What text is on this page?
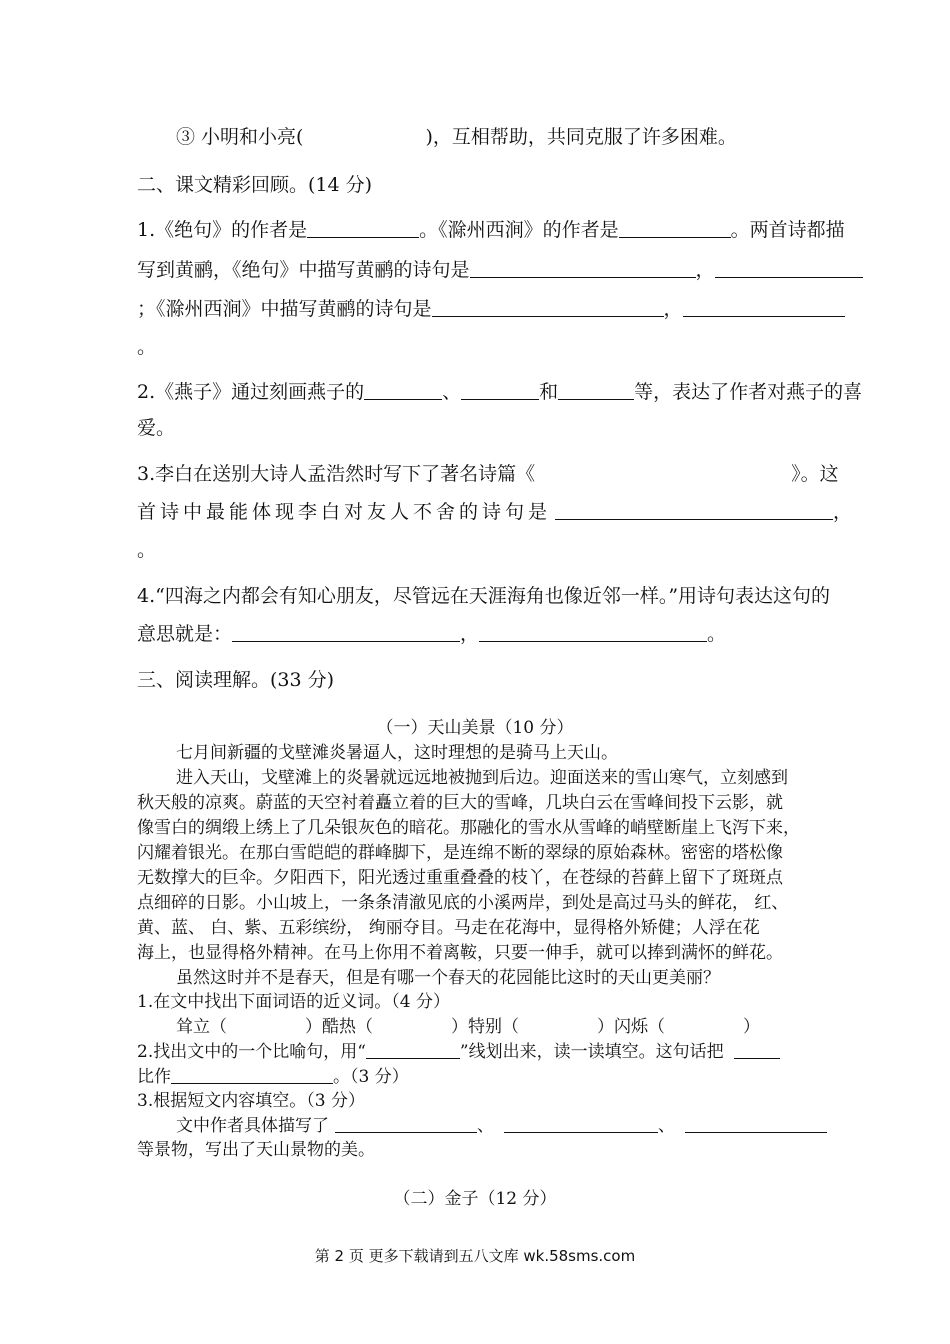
③ 小明和小亮(	)，互相帮助，共同克服了许多困难。
二、课文精彩回顾。(14 分)
1.《绝句》的作者是	。《滁州西涧》的作者是	。两首诗都描
写到黄鹂，《绝句》中描写黄鹂的诗句是	，
；《滁州西涧》中描写黄鹂的诗句是	，
。
2.《燕子》通过刻画燕子的	、	和	等，表达了作者对燕子的喜
爱。
3.李白在送别大诗人孟浩然时写下了著名诗篇《	》。这
首诗中最能体现李白对友人不舍的诗句是	，
。
4.“四海之内都会有知心朋友，尽管远在天涯海角也像近邻一样。”用诗句表达这句的
意思就是：	，	。
三、阅读理解。(33 分)
（一）天山美景（10 分）
七月间新疆的戈壁滩炎暑逼人，这时理想的是骑马上天山。
进入天山，戈壁滩上的炎暑就远远地被抛到后边。迎面送来的雪山寒气，立刻感到
秋天般的凉爽。蔚蓝的天空衬着矗立着的巨大的雪峰，几块白云在雪峰间投下云影，就
像雪白的绸缎上绣上了几朵银灰色的暗花。那融化的雪水从雪峰的峭壁断崖上飞泻下来，
闪耀着银光。在那白雪皑皑的群峰脚下，是连绵不断的翠绿的原始森林。密密的塔松像
无数撑大的巨伞。夕阳西下，阳光透过重重叠叠的枝丫，在苍绿的苔藓上留下了斑斑点
点细碎的日影。小山坡上，一条条清澈见底的小溪两岸，到处是高过马头的鲜花， 红、
黄、蓝、 白、紫、五彩缤纷， 绚丽夺目。马走在花海中，显得格外矫健；人浮在花
海上，也显得格外精神。在马上你用不着离鞍，只要一伸手，就可以捧到满怀的鲜花。
虽然这时并不是春天，但是有哪一个春天的花园能比这时的天山更美丽？
1.在文中找出下面词语的近义词。（4 分）
耸立（	）酷热（	）特别（	）闪烁（	）
2.找出文中的一个比喻句，用“	”线划出来，读一读填空。这句话把
比作	。（3 分）
3.根据短文内容填空。（3 分）
文中作者具体描写了	、	、
等景物，写出了天山景物的美。
（二）金子（12 分）
第 2 页 更多下载请到五八文库 wk.58sms.com
